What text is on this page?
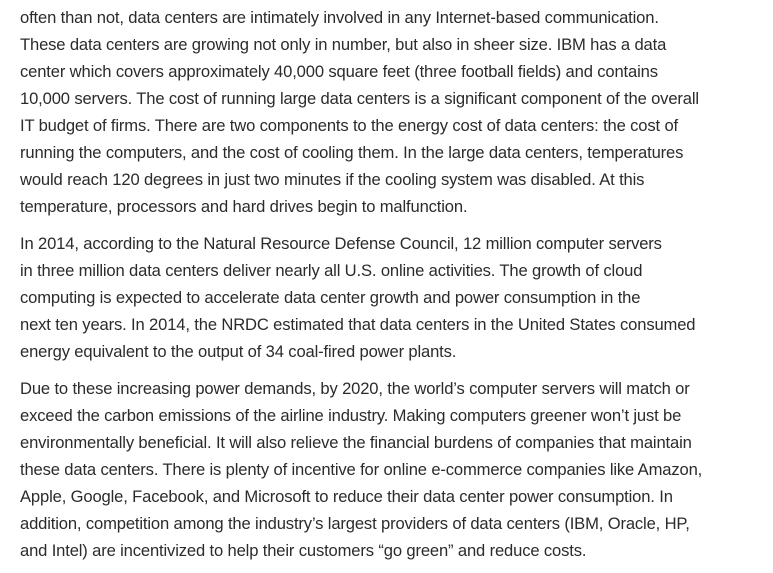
often than not, data centers are intimately involved in any Internet-based communication.
These data centers are growing not only in number, but also in sheer size. IBM has a data
center which covers approximately 40,000 square feet (three football fields) and contains
10,000 servers. The cost of running large data centers is a significant component of the overall
IT budget of firms. There are two components to the energy cost of data centers: the cost of
running the computers, and the cost of cooling them. In the large data centers, temperatures
would reach 120 degrees in just two minutes if the cooling system was disabled. At this
temperature, processors and hard drives begin to malfunction.

In 2014, according to the Natural Resource Defense Council, 12 million computer servers
in three million data centers deliver nearly all U.S. online activities. The growth of cloud
computing is expected to accelerate data center growth and power consumption in the
next ten years. In 2014, the NRDC estimated that data centers in the United States consumed
energy equivalent to the output of 34 coal-fired power plants.

Due to these increasing power demands, by 2020, the world’s computer servers will match or
exceed the carbon emissions of the airline industry. Making computers greener won’t just be
environmentally beneficial. It will also relieve the financial burdens of companies that maintain
these data centers. There is plenty of incentive for online e-commerce companies like Amazon,
Apple, Google, Facebook, and Microsoft to reduce their data center power consumption. In
addition, competition among the industry’s largest providers of data centers (IBM, Oracle, HP,
and Intel) are incentivized to help their customers “go green” and reduce costs.
